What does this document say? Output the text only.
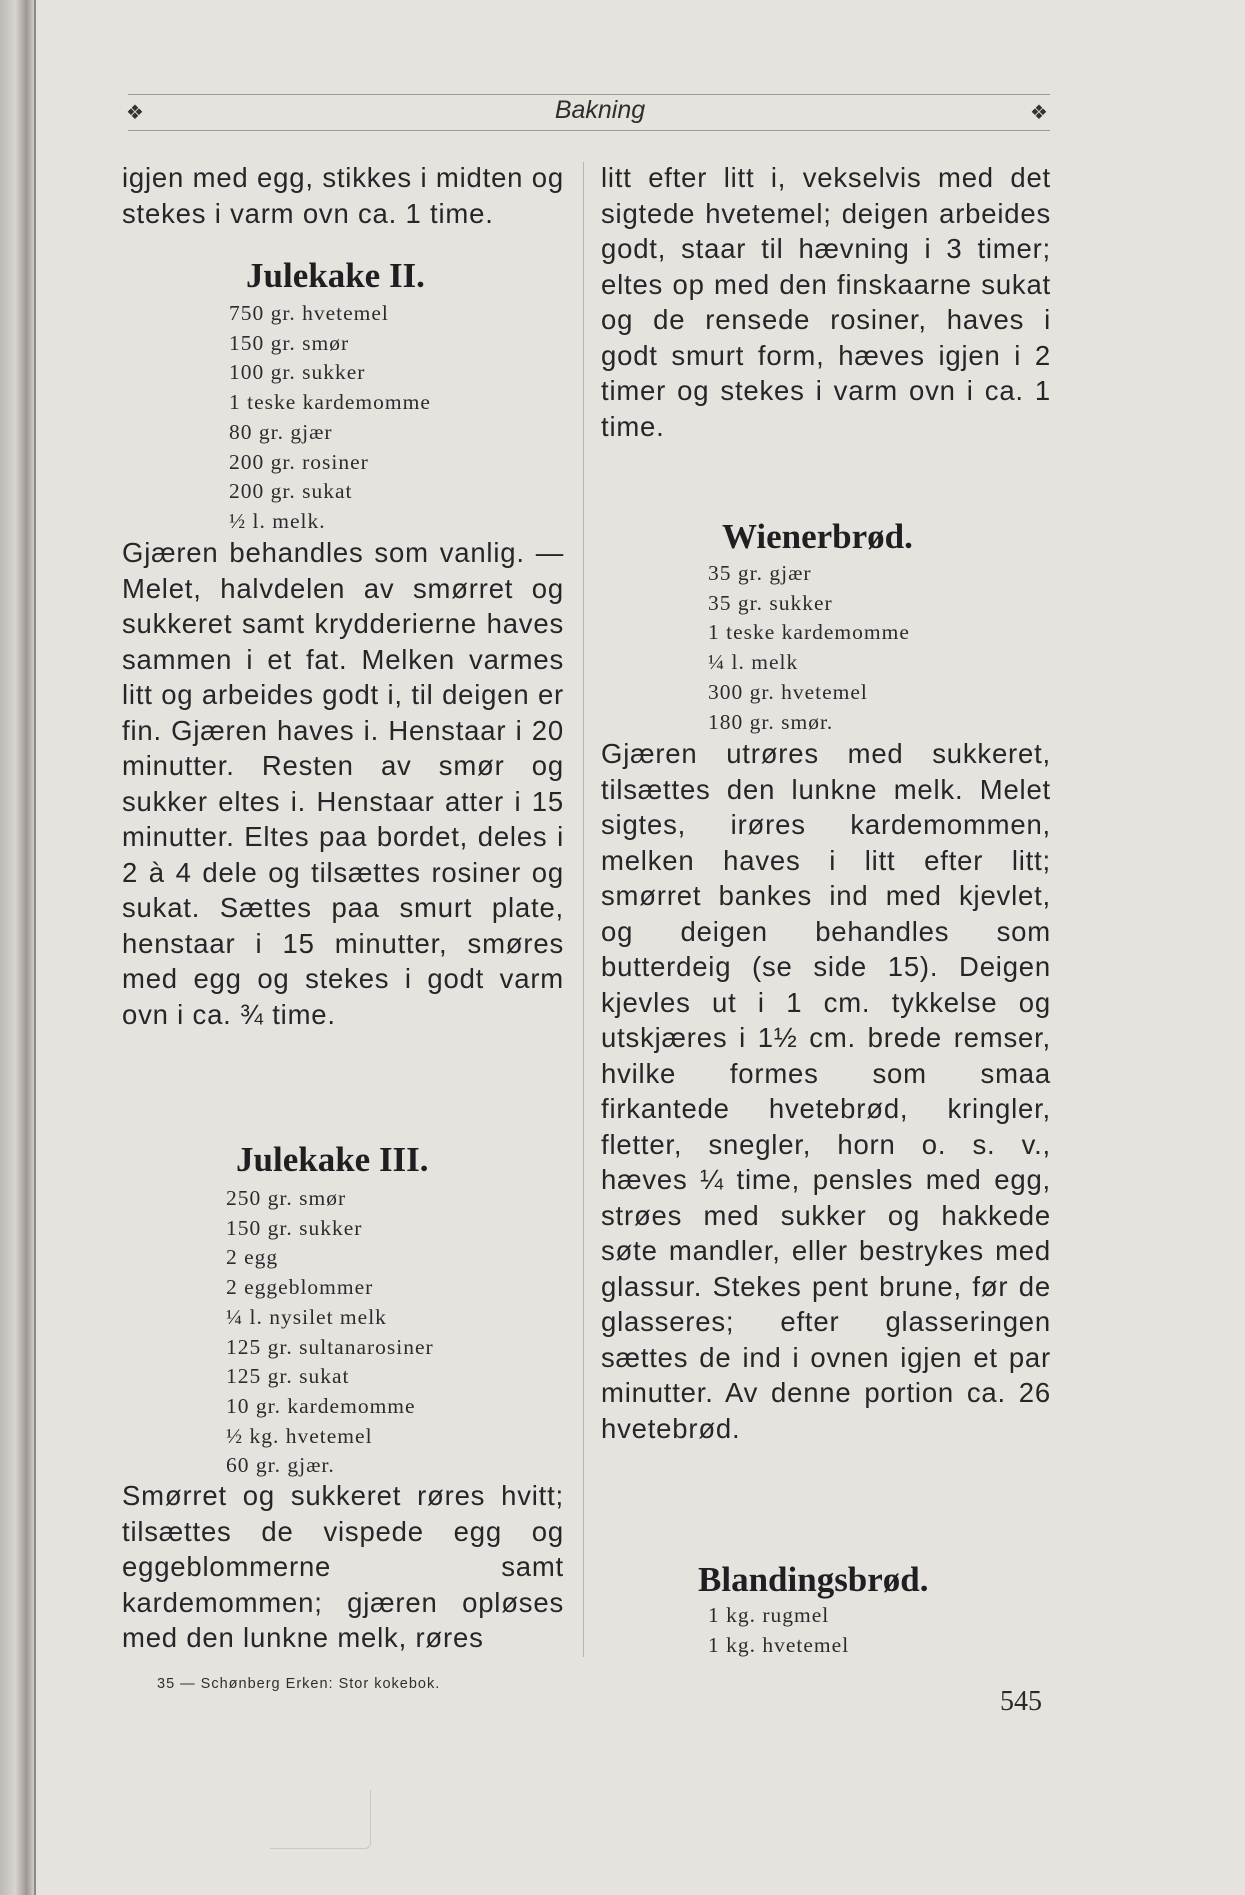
❖	Bakning	❖

igjen med egg, stikkes i midten og stekes i varm ovn ca. 1 time.

Julekake II.
750 gr. hvetemel
150 gr. smør
100 gr. sukker
1 teske kardemomme
80 gr. gjær
200 gr. rosiner
200 gr. sukat
½ l. melk.

Gjæren behandles som vanlig. — Melet, halvdelen av smørret og sukkeret samt krydderierne haves sammen i et fat. Melken varmes litt og arbeides godt i, til deigen er fin. Gjæren haves i. Henstaar i 20 minutter. Resten av smør og sukker eltes i. Henstaar atter i 15 minutter. Eltes paa bordet, deles i 2 à 4 dele og tilsættes rosiner og sukat. Sættes paa smurt plate, henstaar i 15 minutter, smøres med egg og stekes i godt varm ovn i ca. ¾ time.

Julekake III.
250 gr. smør
150 gr. sukker
2 egg
2 eggeblommer
¼ l. nysilet melk
125 gr. sultanarosiner
125 gr. sukat
10 gr. kardemomme
½ kg. hvetemel
60 gr. gjær.

Smørret og sukkeret røres hvitt; tilsættes de vispede egg og eggeblommerne samt kardemommen; gjæren opløses med den lunkne melk, røres

litt efter litt i, vekselvis med det sigtede hvetemel; deigen arbeides godt, staar til hævning i 3 timer; eltes op med den finskaarne sukat og de rensede rosiner, haves i godt smurt form, hæves igjen i 2 timer og stekes i varm ovn i ca. 1 time.

Wienerbrød.
35 gr. gjær
35 gr. sukker
1 teske kardemomme
¼ l. melk
300 gr. hvetemel
180 gr. smør.

Gjæren utrøres med sukkeret, tilsættes den lunkne melk. Melet sigtes, irøres kardemommen, melken haves i litt efter litt; smørret bankes ind med kjevlet, og deigen behandles som butterdeig (se side 15). Deigen kjevles ut i 1 cm. tykkelse og utskjæres i 1½ cm. brede remser, hvilke formes som smaa firkantede hvetebrød, kringler, fletter, snegler, horn o. s. v., hæves ¼ time, pensles med egg, strøes med sukker og hakkede søte mandler, eller bestrykes med glassur. Stekes pent brune, før de glasseres; efter glasseringen sættes de ind i ovnen igjen et par minutter. Av denne portion ca. 26 hvetebrød.

Blandingsbrød.
1 kg. rugmel
1 kg. hvetemel
35 — Schønberg Erken: Stor kokebok.
545
